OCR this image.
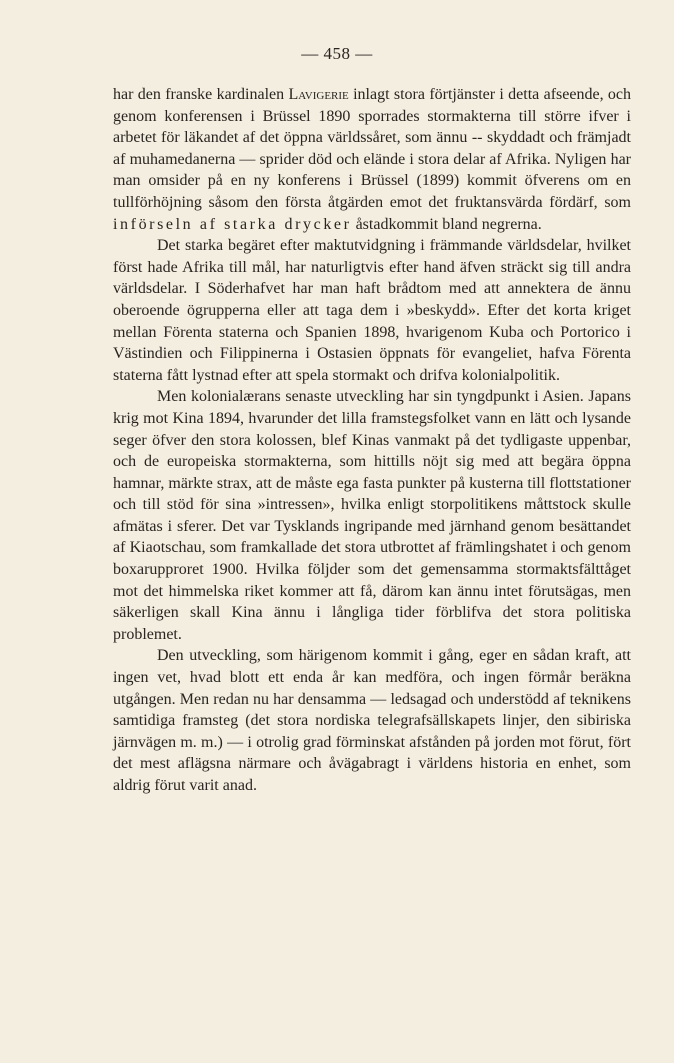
— 458 —

har den franske kardinalen Lavigerie inlagt stora förtjänster i detta afseende, och genom konferensen i Brüssel 1890 sporrades stormakterna till större ifver i arbetet för läkandet af det öppna världssåret, som ännu -- skyddadt och främjadt af muhamedanerna — sprider död och elände i stora delar af Afrika. Nyligen har man omsider på en ny konferens i Brüssel (1899) kommit öfverens om en tullförhöjning såsom den första åtgärden emot det fruktansvärda fördärf, som införseln af starka drycker åstadkommit bland negrerna.

Det starka begäret efter maktutvidgning i främmande världsdelar, hvilket först hade Afrika till mål, har naturligtvis efter hand äfven sträckt sig till andra världsdelar. I Söderhafvet har man haft brådtom med att annektera de ännu oberoende ögrupperna eller att taga dem i »beskydd». Efter det korta kriget mellan Förenta staterna och Spanien 1898, hvarigenom Kuba och Portorico i Västindien och Filippinerna i Ostasien öppnats för evangeliet, hafva Förenta staterna fått lystnad efter att spela stormakt och drifva kolonialpolitik.

Men kolonialærans senaste utveckling har sin tyngdpunkt i Asien. Japans krig mot Kina 1894, hvarunder det lilla framstegsfolket vann en lätt och lysande seger öfver den stora kolossen, blef Kinas vanmakt på det tydligaste uppenbar, och de europeiska stormakterna, som hittills nöjt sig med att begära öppna hamnar, märkte strax, att de måste ega fasta punkter på kusterna till flottstationer och till stöd för sina »intressen», hvilka enligt storpolitikens måttstock skulle afmätas i sferer. Det var Tysklands ingripande med järnhand genom besättandet af Kiaotschau, som framkallade det stora utbrottet af främlingshatet i och genom boxarupproret 1900. Hvilka följder som det gemensamma stormaktsfälttåget mot det himmelska riket kommer att få, därom kan ännu intet förutsägas, men säkerligen skall Kina ännu i långliga tider förblifva det stora politiska problemet.

Den utveckling, som härigenom kommit i gång, eger en sådan kraft, att ingen vet, hvad blott ett enda år kan medföra, och ingen förmår beräkna utgången. Men redan nu har densamma — ledsagad och understödd af teknikens samtidiga framsteg (det stora nordiska telegrafsällskapets linjer, den sibiriska järnvägen m. m.) — i otrolig grad förminskat afstånden på jorden mot förut, fört det mest aflägsna närmare och åvägabragt i världens historia en enhet, som aldrig förut varit anad.
